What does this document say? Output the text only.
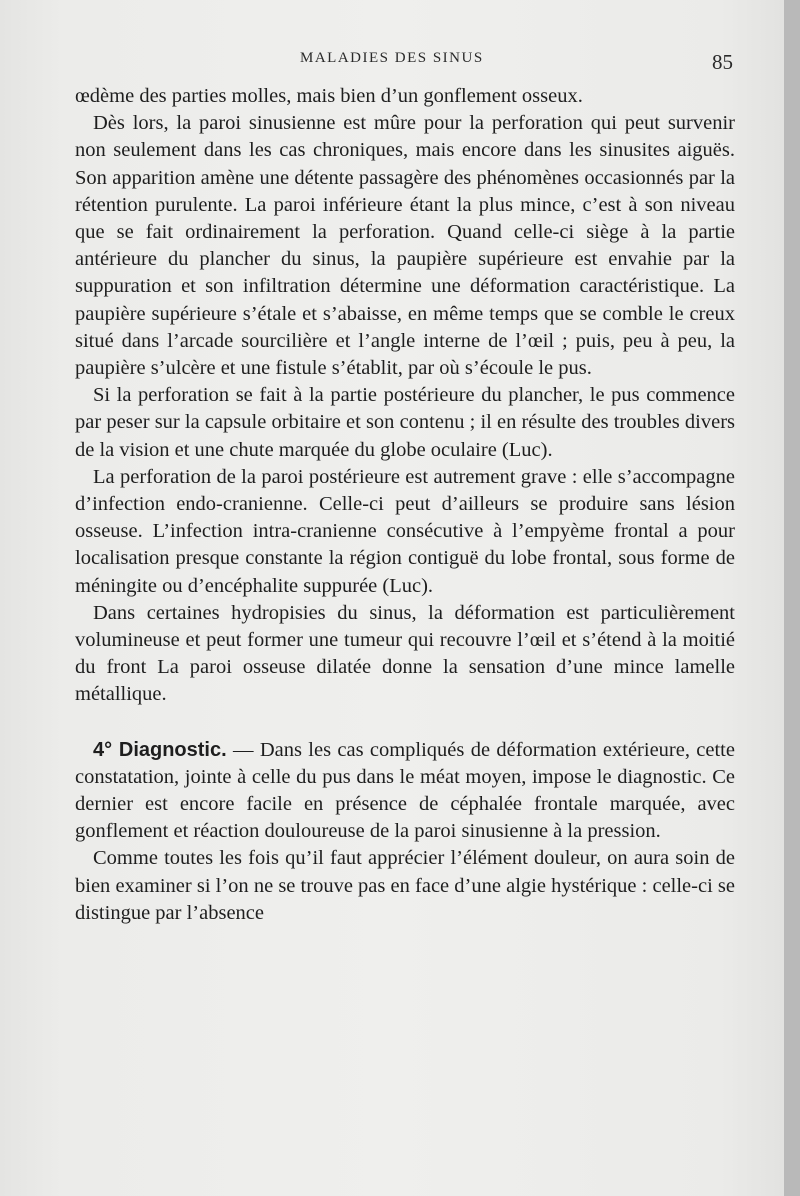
MALADIES DES SINUS	85

œdème des parties molles, mais bien d’un gonflement osseux.

Dès lors, la paroi sinusienne est mûre pour la perforation qui peut survenir non seulement dans les cas chroniques, mais encore dans les sinusites aiguës. Son apparition amène une détente passagère des phénomènes occasionnés par la rétention purulente. La paroi inférieure étant la plus mince, c’est à son niveau que se fait ordinairement la perforation. Quand celle-ci siège à la partie antérieure du plancher du sinus, la paupière supérieure est envahie par la suppuration et son infiltration détermine une déformation caractéristique. La paupière supérieure s’étale et s’abaisse, en même temps que se comble le creux situé dans l’arcade sourcilière et l’angle interne de l’œil ; puis, peu à peu, la paupière s’ulcère et une fistule s’établit, par où s’écoule le pus.

Si la perforation se fait à la partie postérieure du plancher, le pus commence par peser sur la capsule orbitaire et son contenu ; il en résulte des troubles divers de la vision et une chute marquée du globe oculaire (Luc).

La perforation de la paroi postérieure est autrement grave : elle s’accompagne d’infection endo-cranienne. Celle-ci peut d’ailleurs se produire sans lésion osseuse. L’infection intra-cranienne consécutive à l’empyème frontal a pour localisation presque constante la région contiguë du lobe frontal, sous forme de méningite ou d’encéphalite suppurée (Luc).

Dans certaines hydropisies du sinus, la déformation est particulièrement volumineuse et peut former une tumeur qui recouvre l’œil et s’étend à la moitié du front La paroi osseuse dilatée donne la sensation d’une mince lamelle métallique.

4° Diagnostic. — Dans les cas compliqués de déformation extérieure, cette constatation, jointe à celle du pus dans le méat moyen, impose le diagnostic. Ce dernier est encore facile en présence de céphalée frontale marquée, avec gonflement et réaction douloureuse de la paroi sinusienne à la pression.

Comme toutes les fois qu’il faut apprécier l’élément douleur, on aura soin de bien examiner si l’on ne se trouve pas en face d’une algie hystérique : celle-ci se distingue par l’absence
